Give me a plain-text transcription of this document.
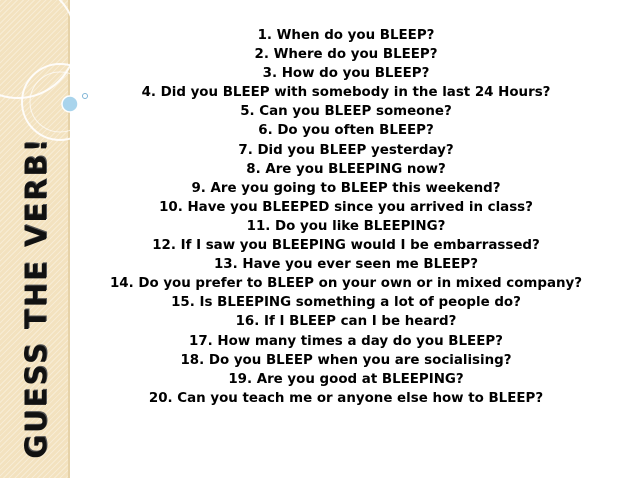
GUESS THE VERB!
1. When do you BLEEP?
2. Where do you BLEEP?
3. How do you BLEEP?
4. Did you BLEEP with somebody in the last 24 Hours?
5. Can you BLEEP someone?
6. Do you often BLEEP?
7. Did you BLEEP yesterday?
8. Are you BLEEPING now?
9. Are you going to BLEEP this weekend?
10. Have you BLEEPED since you arrived in class?
11. Do you like BLEEPING?
12. If I saw you BLEEPING would I be embarrassed?
13. Have you ever seen me BLEEP?
14. Do you prefer to BLEEP on your own or in mixed company?
15. Is BLEEPING something a lot of people do?
16. If I BLEEP can I be heard?
17. How many times a day do you BLEEP?
18. Do you BLEEP when you are socialising?
19. Are you good at BLEEPING?
20. Can you teach me or anyone else how to BLEEP?
